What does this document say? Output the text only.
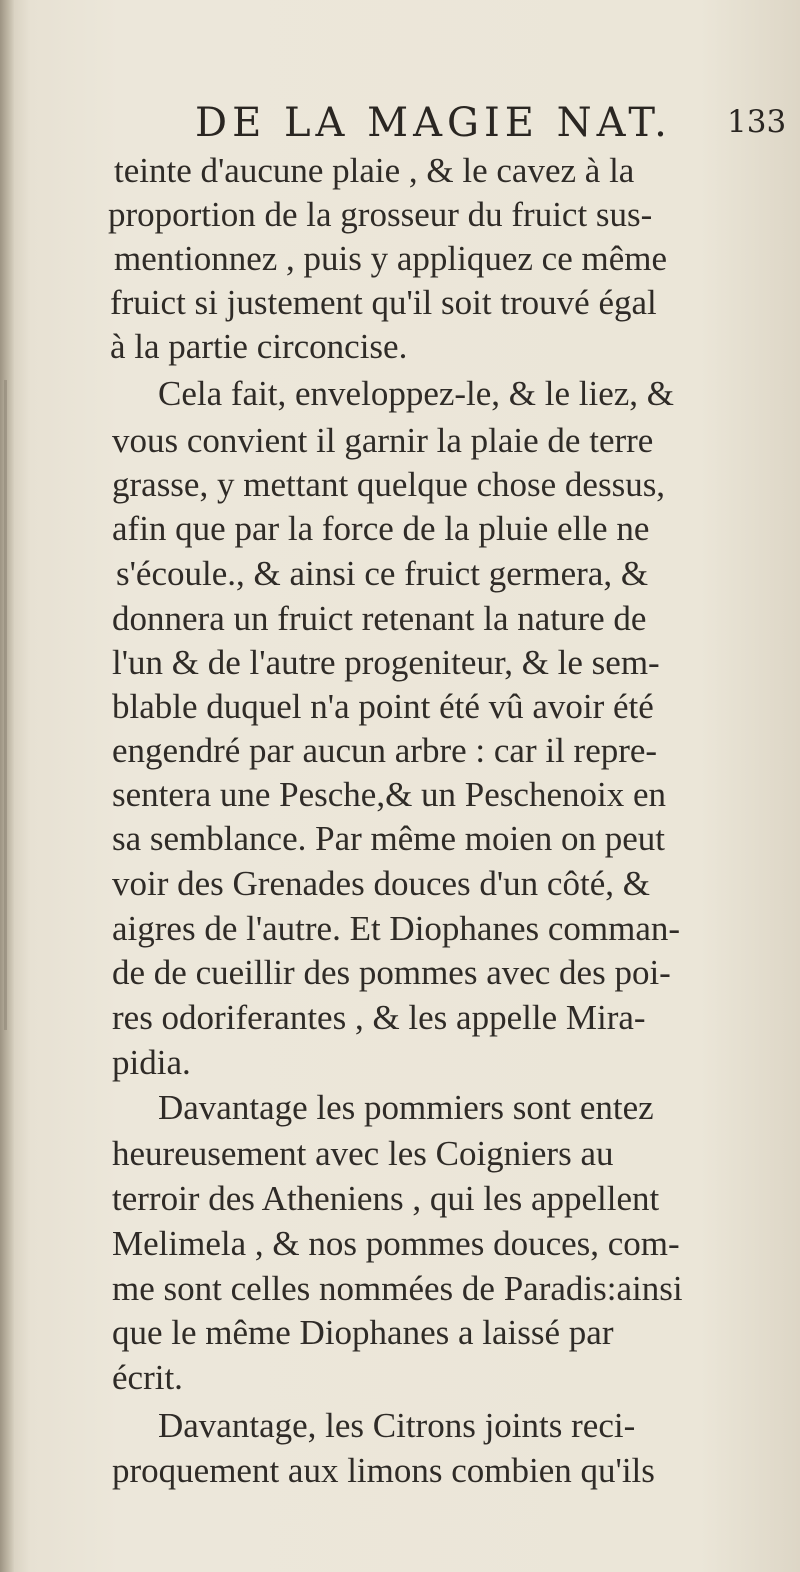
DE LA MAGIE NAT. 133
teinte d'aucune plaie , & le cavez à la
proportion de la grosseur du fruict sus-
mentionnez , puis y appliquez ce même
fruict si justement qu'il soit trouvé égal
à la partie circoncise.
Cela fait, enveloppez-le, & le liez, &
vous convient il garnir la plaie de terre
grasse, y mettant quelque chose dessus,
afin que par la force de la pluie elle ne
s'écoule., & ainsi ce fruict germera, &
donnera un fruict retenant la nature de
l'un & de l'autre progeniteur, & le sem-
blable duquel n'a point été vû avoir été
engendré par aucun arbre : car il repre-
sentera une Pesche,& un Peschenoix en
sa semblance. Par même moien on peut
voir des Grenades douces d'un côté, &
aigres de l'autre. Et Diophanes comman-
de de cueillir des pommes avec des poi-
res odoriferantes , & les appelle Mira-
pidia.
Davantage les pommiers sont entez
heureusement avec les Coigniers au
terroir des Atheniens , qui les appellent
Melimela , & nos pommes douces, com-
me sont celles nommées de Paradis:ainsi
que le même Diophanes a laissé par
écrit.
Davantage, les Citrons joints reci-
proquement aux limons combien qu'ils
